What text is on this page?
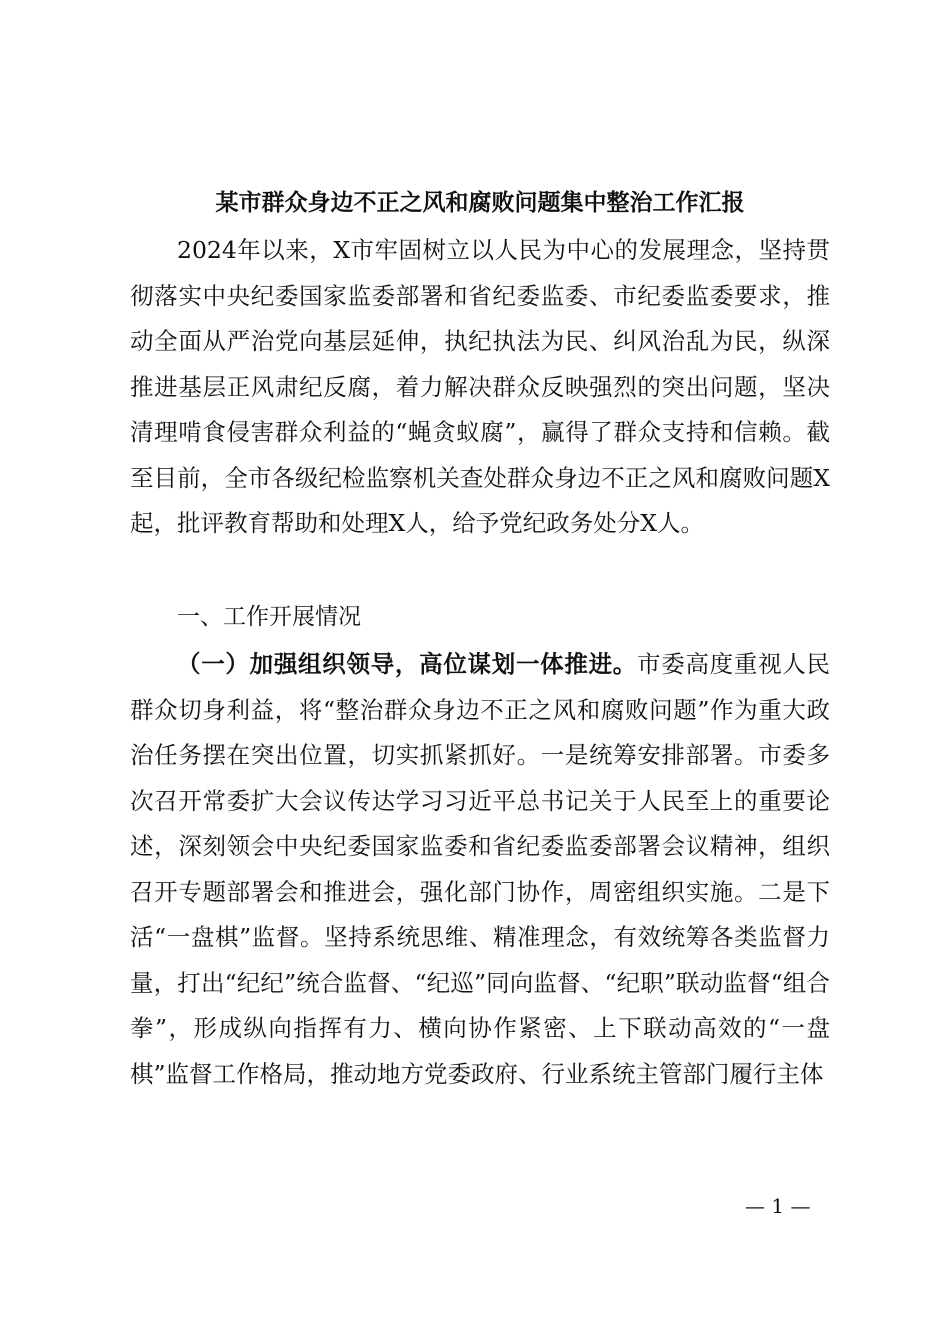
某市群众身边不正之风和腐败问题集中整治工作汇报

2024年以来，X市牢固树立以人民为中心的发展理念，坚持贯彻落实中央纪委国家监委部署和省纪委监委、市纪委监委要求，推动全面从严治党向基层延伸，执纪执法为民、纠风治乱为民，纵深推进基层正风肃纪反腐，着力解决群众反映强烈的突出问题，坚决清理啃食侵害群众利益的“蝇贪蚁腐”，赢得了群众支持和信赖。截至目前，全市各级纪检监察机关查处群众身边不正之风和腐败问题X起，批评教育帮助和处理X人，给予党纪政务处分X人。

一、工作开展情况

（一）加强组织领导，高位谋划一体推进。市委高度重视人民群众切身利益，将“整治群众身边不正之风和腐败问题”作为重大政治任务摆在突出位置，切实抓紧抓好。一是统筹安排部署。市委多次召开常委扩大会议传达学习习近平总书记关于人民至上的重要论述，深刻领会中央纪委国家监委和省纪委监委部署会议精神，组织召开专题部署会和推进会，强化部门协作，周密组织实施。二是下活“一盘棋”监督。坚持系统思维、精准理念，有效统筹各类监督力量，打出“纪纪”统合监督、“纪巡”同向监督、“纪职”联动监督“组合拳”，形成纵向指挥有力、横向协作紧密、上下联动高效的“一盘棋”监督工作格局，推动地方党委政府、行业系统主管部门履行主体

— 1 —
